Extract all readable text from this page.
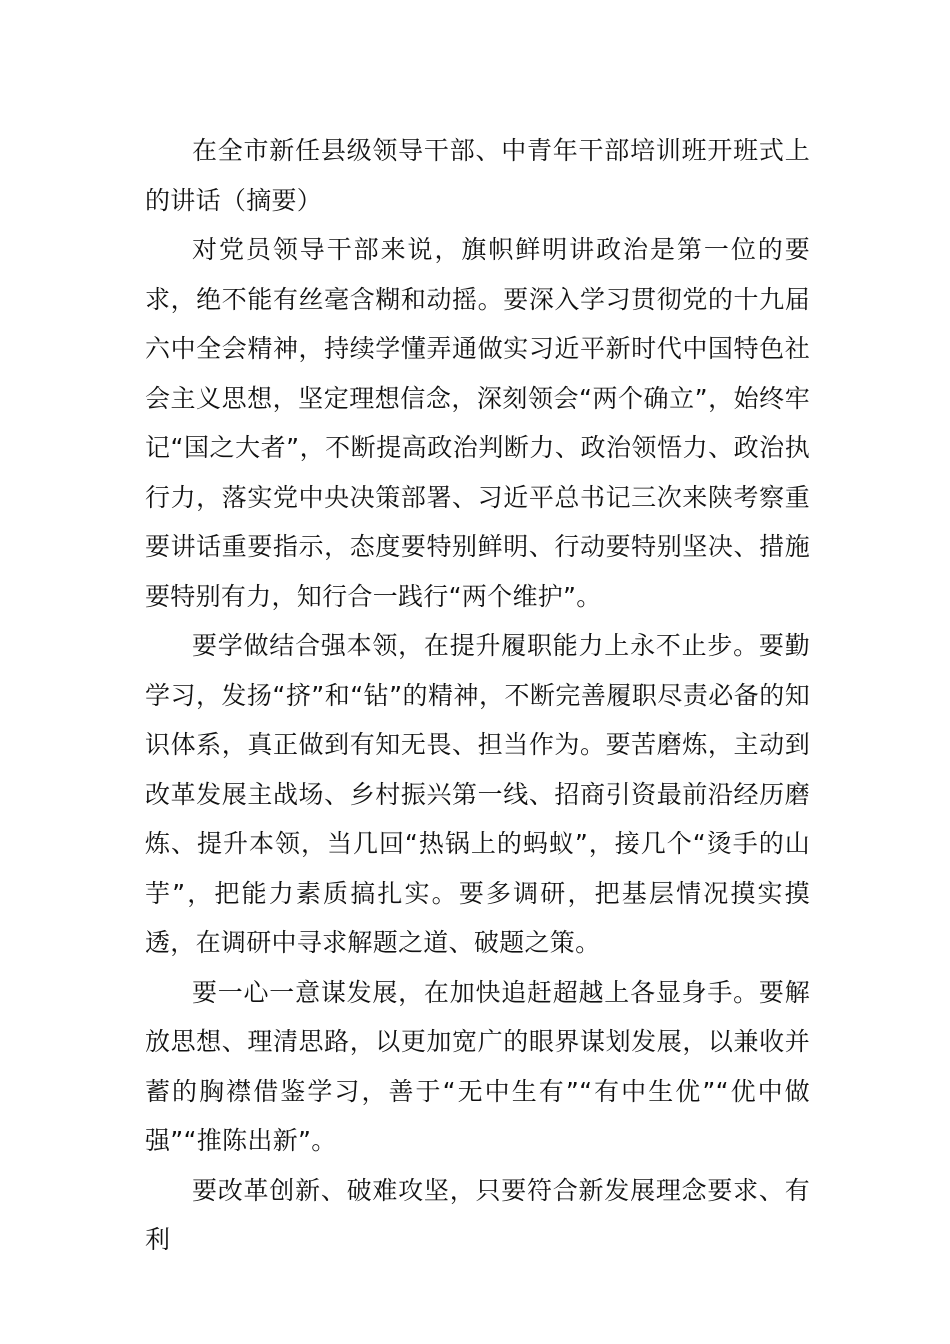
在全市新任县级领导干部、中青年干部培训班开班式上的讲话（摘要）

对党员领导干部来说，旗帜鲜明讲政治是第一位的要求，绝不能有丝毫含糊和动摇。要深入学习贯彻党的十九届六中全会精神，持续学懂弄通做实习近平新时代中国特色社会主义思想，坚定理想信念，深刻领会“两个确立”，始终牢记“国之大者”，不断提高政治判断力、政治领悟力、政治执行力，落实党中央决策部署、习近平总书记三次来陕考察重要讲话重要指示，态度要特别鲜明、行动要特别坚决、措施要特别有力，知行合一践行“两个维护”。

要学做结合强本领，在提升履职能力上永不止步。要勤学习，发扬“挤”和“钻”的精神，不断完善履职尽责必备的知识体系，真正做到有知无畏、担当作为。要苦磨炼，主动到改革发展主战场、乡村振兴第一线、招商引资最前沿经历磨炼、提升本领，当几回“热锅上的蚂蚁”，接几个“烫手的山芋”，把能力素质搞扎实。要多调研，把基层情况摸实摸透，在调研中寻求解题之道、破题之策。

要一心一意谋发展，在加快追赶超越上各显身手。要解放思想、理清思路，以更加宽广的眼界谋划发展，以兼收并蓄的胸襟借鉴学习，善于“无中生有”“有中生优”“优中做强”“推陈出新”。

要改革创新、破难攻坚，只要符合新发展理念要求、有利
